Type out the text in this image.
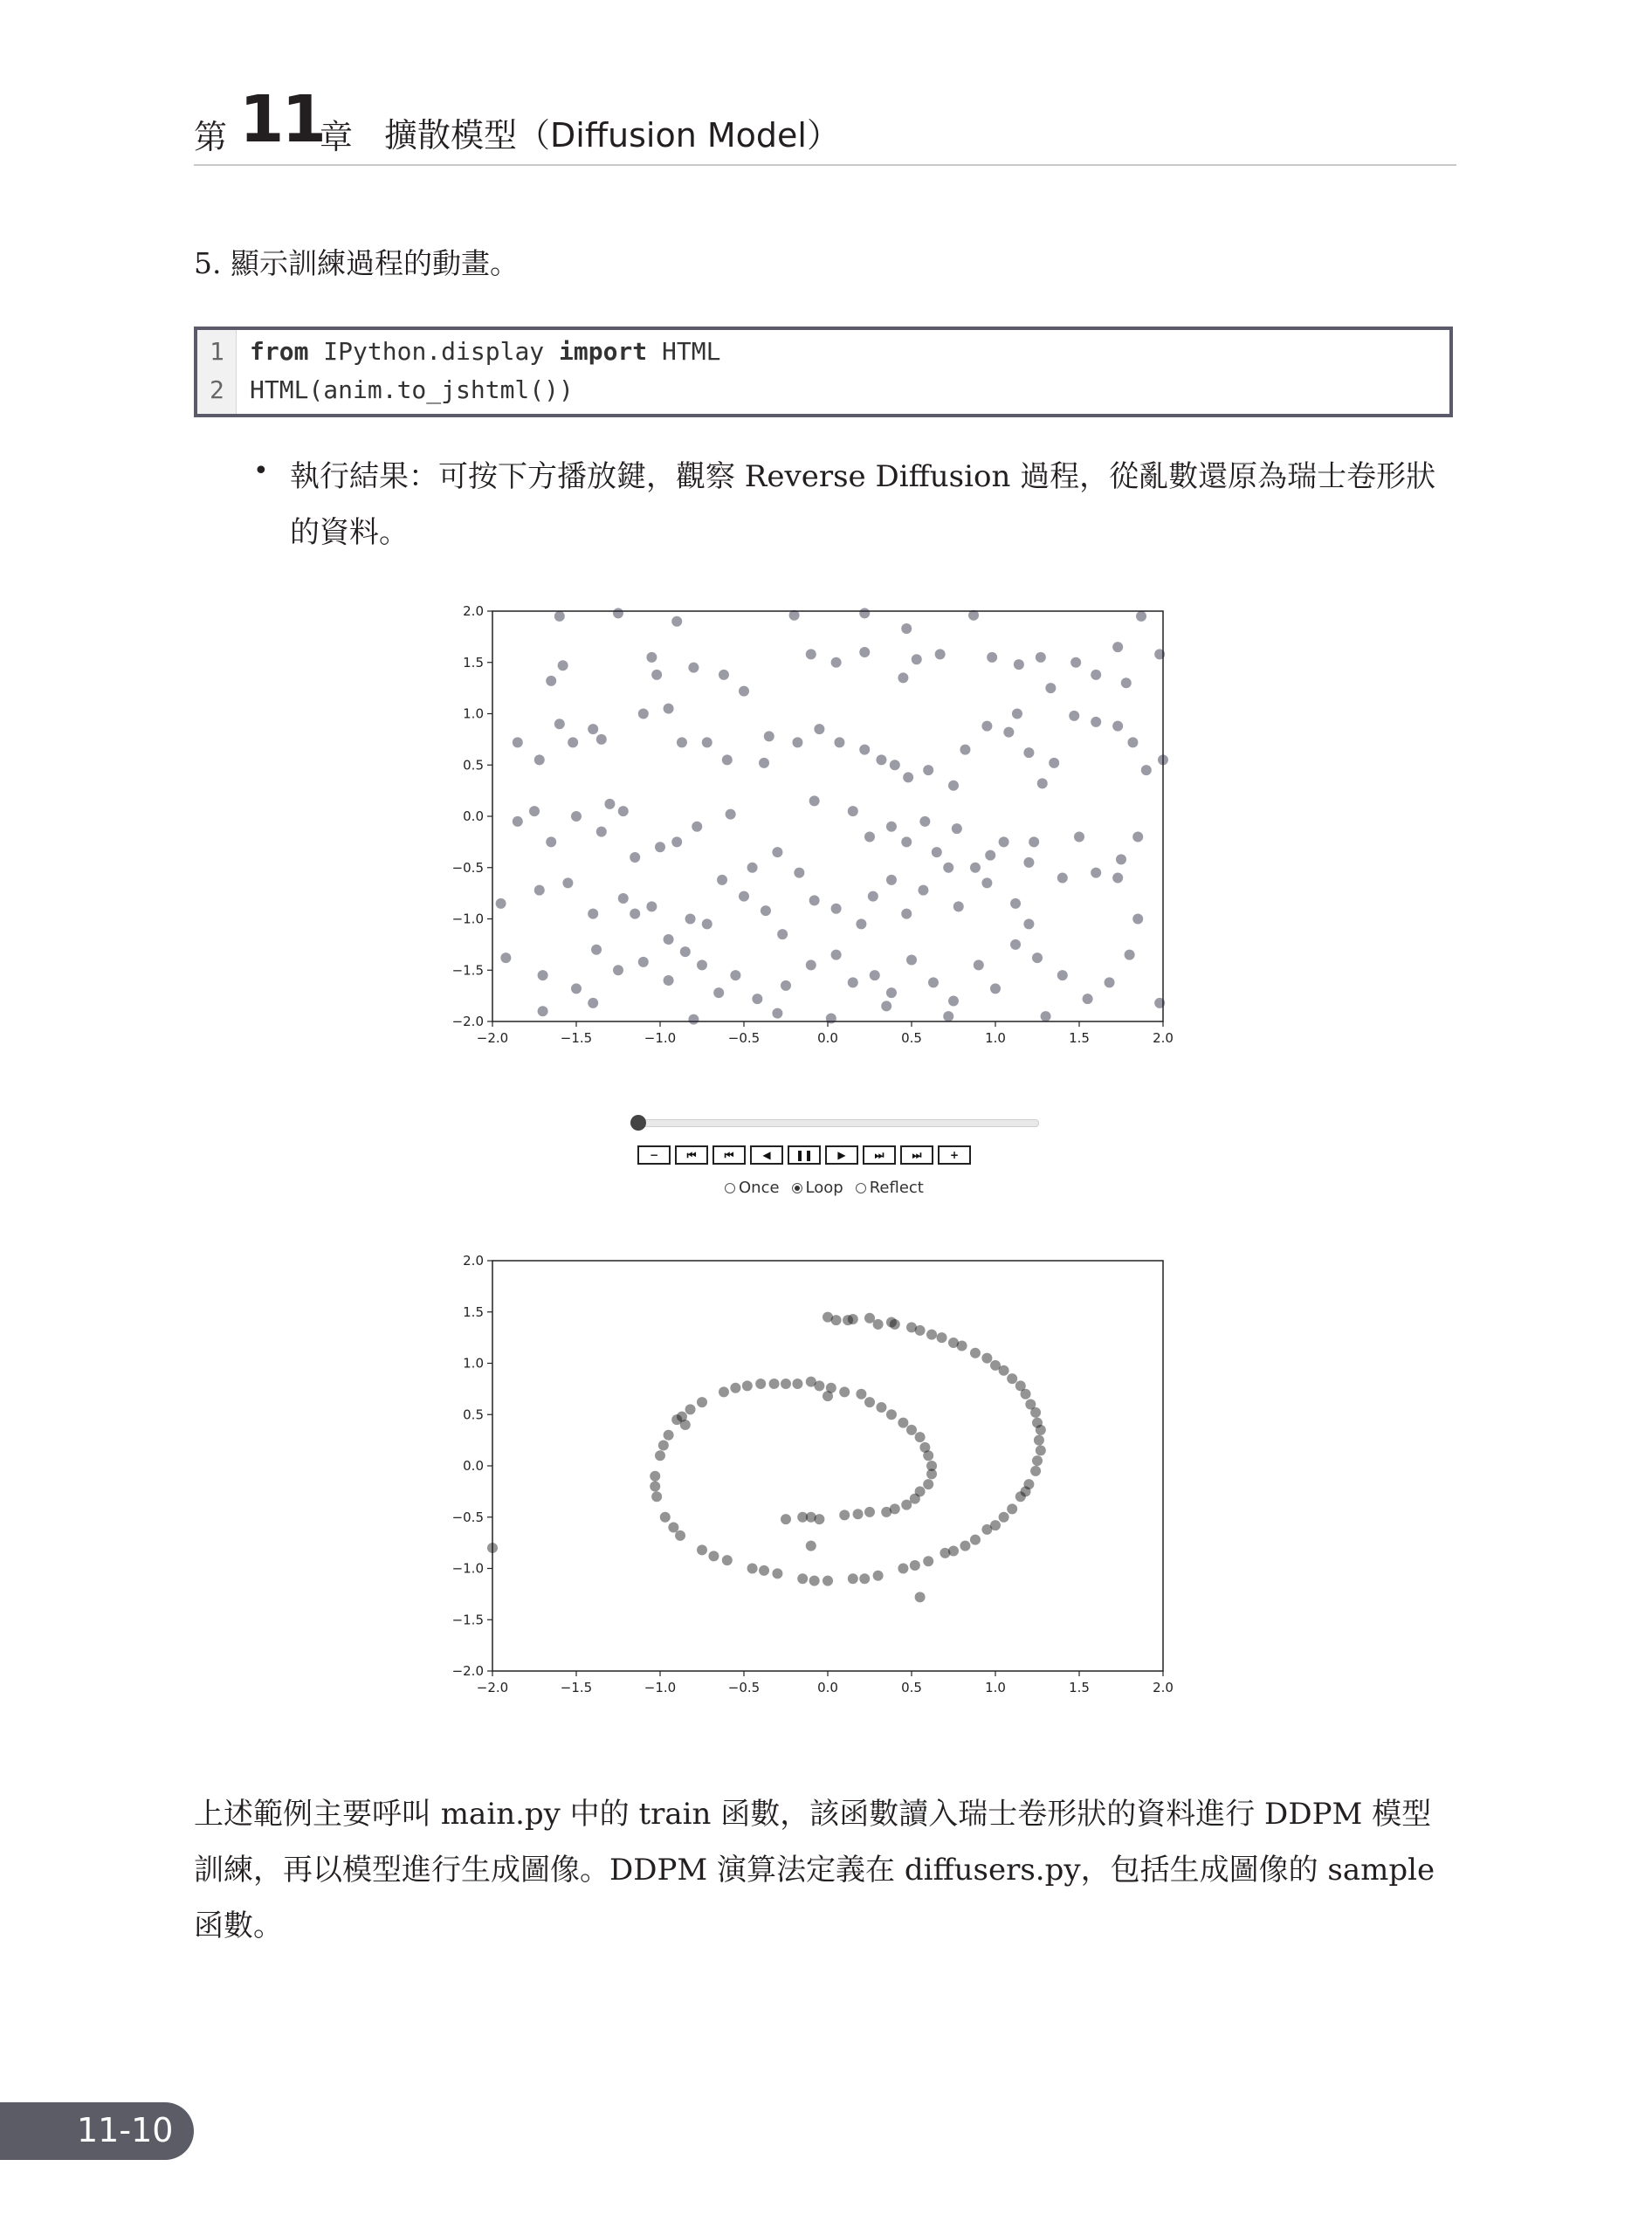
第 11
章 擴散模型（Diffusion Model）
5. 顯示訓練過程的動畫。
1 from IPython.display import HTML
2 HTML(anim.to_jshtml())
• 執行結果：可按下方播放鍵，觀察 Reverse Diffusion 過程，從亂數還原為瑞士卷形狀的資料。
−2.0	−1.5	−1.0	−0.5	0.0	0.5	1.0	1.5	2.0
2.0
1.5
1.0
0.5
0.0
−0.5
−1.0
−1.5
−2.0
−	⏮	⏮	◀	❚❚	▶	⏭	⏭	+
Once Loop Reflect
−2.0	−1.5	−1.0	−0.5	0.0	0.5	1.0	1.5	2.0
2.0
1.5
1.0
0.5
0.0
−0.5
−1.0
−1.5
−2.0
上述範例主要呼叫 main.py 中的 train 函數，該函數讀入瑞士卷形狀的資料進行 DDPM 模型訓練，再以模型進行生成圖像。DDPM 演算法定義在 diffusers.py，包括生成圖像的 sample 函數。
11-10
